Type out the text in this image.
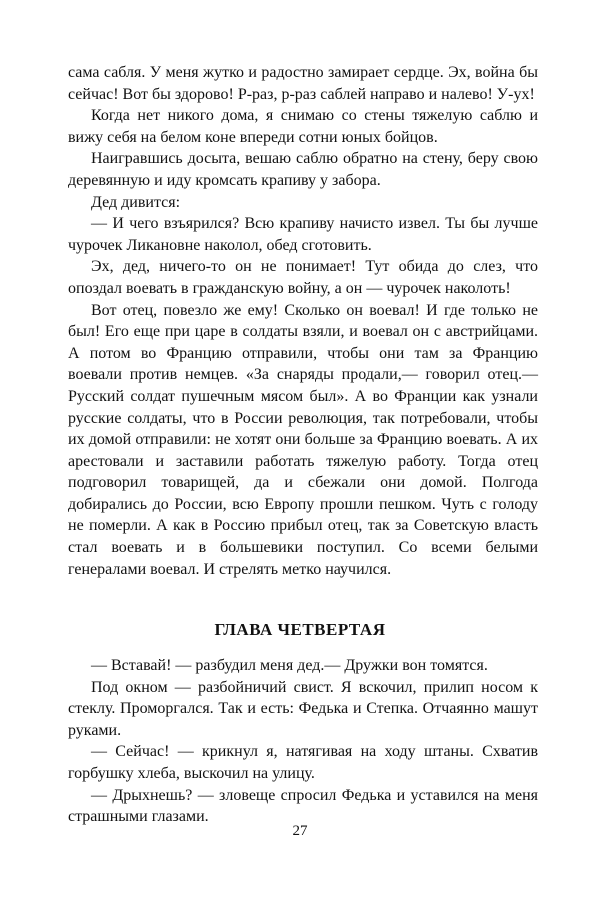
сама сабля. У меня жутко и радостно замирает сердце. Эх, война бы сейчас! Вот бы здорово! Р-раз, р-раз саблей направо и налево! У-ух!

Когда нет никого дома, я снимаю со стены тяжелую саблю и вижу себя на белом коне впереди сотни юных бойцов.

Наигравшись досыта, вешаю саблю обратно на стену, беру свою деревянную и иду кромсать крапиву у забора.

Дед дивится:

— И чего взъярился? Всю крапиву начисто извел. Ты бы лучше чурочек Ликановне наколол, обед сготовить.

Эх, дед, ничего-то он не понимает! Тут обида до слез, что опоздал воевать в гражданскую войну, а он — чурочек наколоть!

Вот отец, повезло же ему! Сколько он воевал! И где только не был! Его еще при царе в солдаты взяли, и воевал он с австрийцами. А потом во Францию отправили, чтобы они там за Францию воевали против немцев. «За снаряды продали,— говорил отец.— Русский солдат пушечным мясом был». А во Франции как узнали русские солдаты, что в России революция, так потребовали, чтобы их домой отправили: не хотят они больше за Францию воевать. А их арестовали и заставили работать тяжелую работу. Тогда отец подговорил товарищей, да и сбежали они домой. Полгода добирались до России, всю Европу прошли пешком. Чуть с голоду не померли. А как в Россию прибыл отец, так за Советскую власть стал воевать и в большевики поступил. Со всеми белыми генералами воевал. И стрелять метко научился.

ГЛАВА ЧЕТВЕРТАЯ

— Вставай! — разбудил меня дед.— Дружки вон томятся.

Под окном — разбойничий свист. Я вскочил, прилип носом к стеклу. Проморгался. Так и есть: Федька и Степка. Отчаянно машут руками.

— Сейчас! — крикнул я, натягивая на ходу штаны. Схватив горбушку хлеба, выскочил на улицу.

— Дрыхнешь? — зловеще спросил Федька и уставился на меня страшными глазами.

27
